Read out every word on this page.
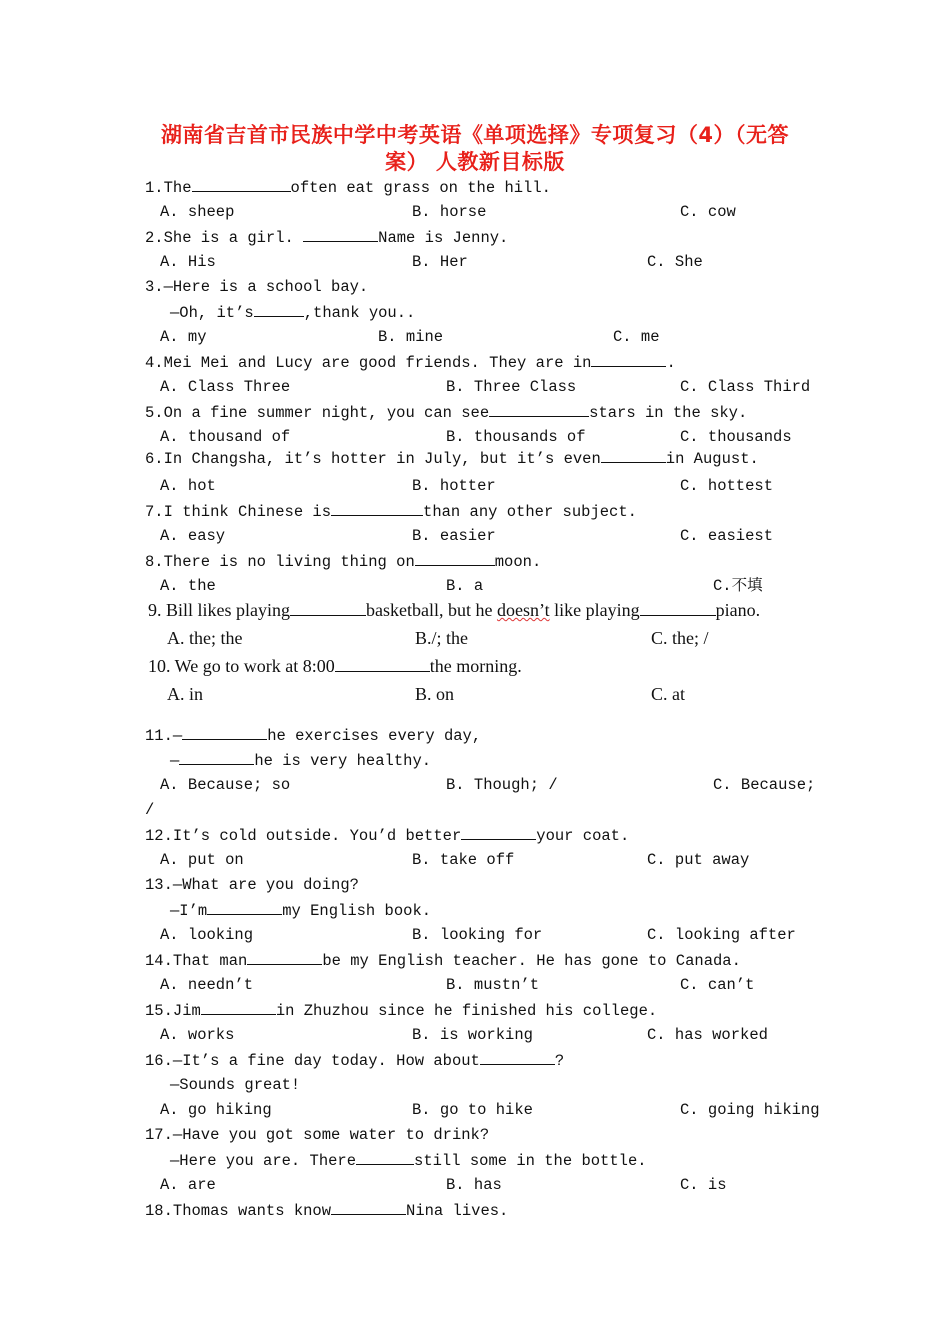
湖南省吉首市民族中学中考英语《单项选择》专项复习（4）（无答
案） 人教新目标版
1.The	often eat grass on the hill.
A. sheep	B. horse	C. cow
2.She is a girl.	Name is Jenny.
A. His	B. Her	C. She
3.—Here is a school bay.
—Oh, it’s	,thank you..
A. my	B. mine	C. me
4.Mei Mei and Lucy are good friends. They are in	.
A. Class Three	B. Three Class	C. Class Third
5.On a fine summer night, you can see	stars in the sky.
A. thousand of	B. thousands of	C. thousands
6.In Changsha, it’s hotter in July, but it’s even	in August.
A. hot	B. hotter	C. hottest
7.I think Chinese is	than any other subject.
A. easy	B. easier	C. easiest
8.There is no living thing on	moon.
A. the	B. a	C.不填
9. Bill likes playing	basketball, but he doesn’t like playing	piano.
A. the; the	B./; the	C. the; /
10. We go to work at 8:00	the morning.
A. in	B. on	C. at
11.—	he exercises every day,
—	he is very healthy.
A. Because; so	B. Though; /	C. Because;
/
12.It’s cold outside. You’d better	your coat.
A. put on	B. take off	C. put away
13.—What are you doing?
—I’m	my English book.
A. looking	B. looking for	C. looking after
14.That man	be my English teacher. He has gone to Canada.
A. needn’t	B. mustn’t	C. can’t
15.Jim	in Zhuzhou since he finished his college.
A. works	B. is working	C. has worked
16.—It’s a fine day today. How about	?
—Sounds great!
A. go hiking	B. go to hike	C. going hiking
17.—Have you got some water to drink?
—Here you are. There	still some in the bottle.
A. are	B. has	C. is
18.Thomas wants know	Nina lives.
